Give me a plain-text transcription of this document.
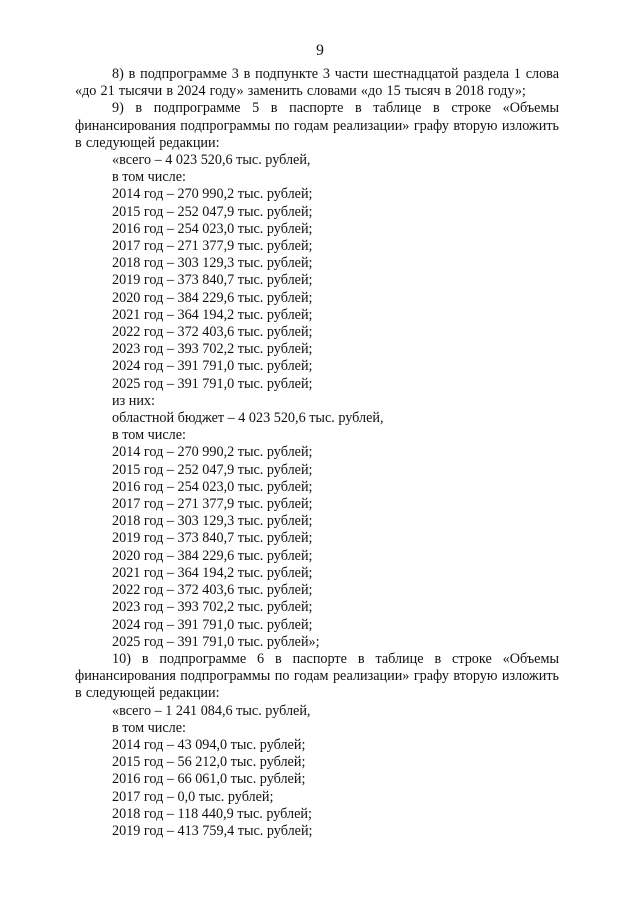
9

8) в подпрограмме 3 в подпункте 3 части шестнадцатой раздела 1 слова «до 21 тысячи в 2024 году» заменить словами «до 15 тысяч в 2018 году»;

9) в подпрограмме 5 в паспорте в таблице в строке «Объемы финансирования подпрограммы по годам реализации» графу вторую изложить в следующей редакции:

«всего – 4 023 520,6 тыс. рублей,

в том числе:

2014 год – 270 990,2 тыс. рублей;

2015 год – 252 047,9 тыс. рублей;

2016 год – 254 023,0 тыс. рублей;

2017 год – 271 377,9 тыс. рублей;

2018 год – 303 129,3 тыс. рублей;

2019 год – 373 840,7 тыс. рублей;

2020 год – 384 229,6 тыс. рублей;

2021 год – 364 194,2 тыс. рублей;

2022 год – 372 403,6 тыс. рублей;

2023 год – 393 702,2 тыс. рублей;

2024 год – 391 791,0 тыс. рублей;

2025 год – 391 791,0 тыс. рублей;

из них:

областной бюджет – 4 023 520,6 тыс. рублей,

в том числе:

2014 год – 270 990,2 тыс. рублей;

2015 год – 252 047,9 тыс. рублей;

2016 год – 254 023,0 тыс. рублей;

2017 год – 271 377,9 тыс. рублей;

2018 год – 303 129,3 тыс. рублей;

2019 год – 373 840,7 тыс. рублей;

2020 год – 384 229,6 тыс. рублей;

2021 год – 364 194,2 тыс. рублей;

2022 год – 372 403,6 тыс. рублей;

2023 год – 393 702,2 тыс. рублей;

2024 год – 391 791,0 тыс. рублей;

2025 год – 391 791,0 тыс. рублей»;

10) в подпрограмме 6 в паспорте в таблице в строке «Объемы финансирования подпрограммы по годам реализации» графу вторую изложить в следующей редакции:

«всего – 1 241 084,6 тыс. рублей,

в том числе:

2014 год – 43 094,0 тыс. рублей;

2015 год – 56 212,0 тыс. рублей;

2016 год – 66 061,0 тыс. рублей;

2017 год – 0,0 тыс. рублей;

2018 год – 118 440,9 тыс. рублей;

2019 год – 413 759,4 тыс. рублей;
